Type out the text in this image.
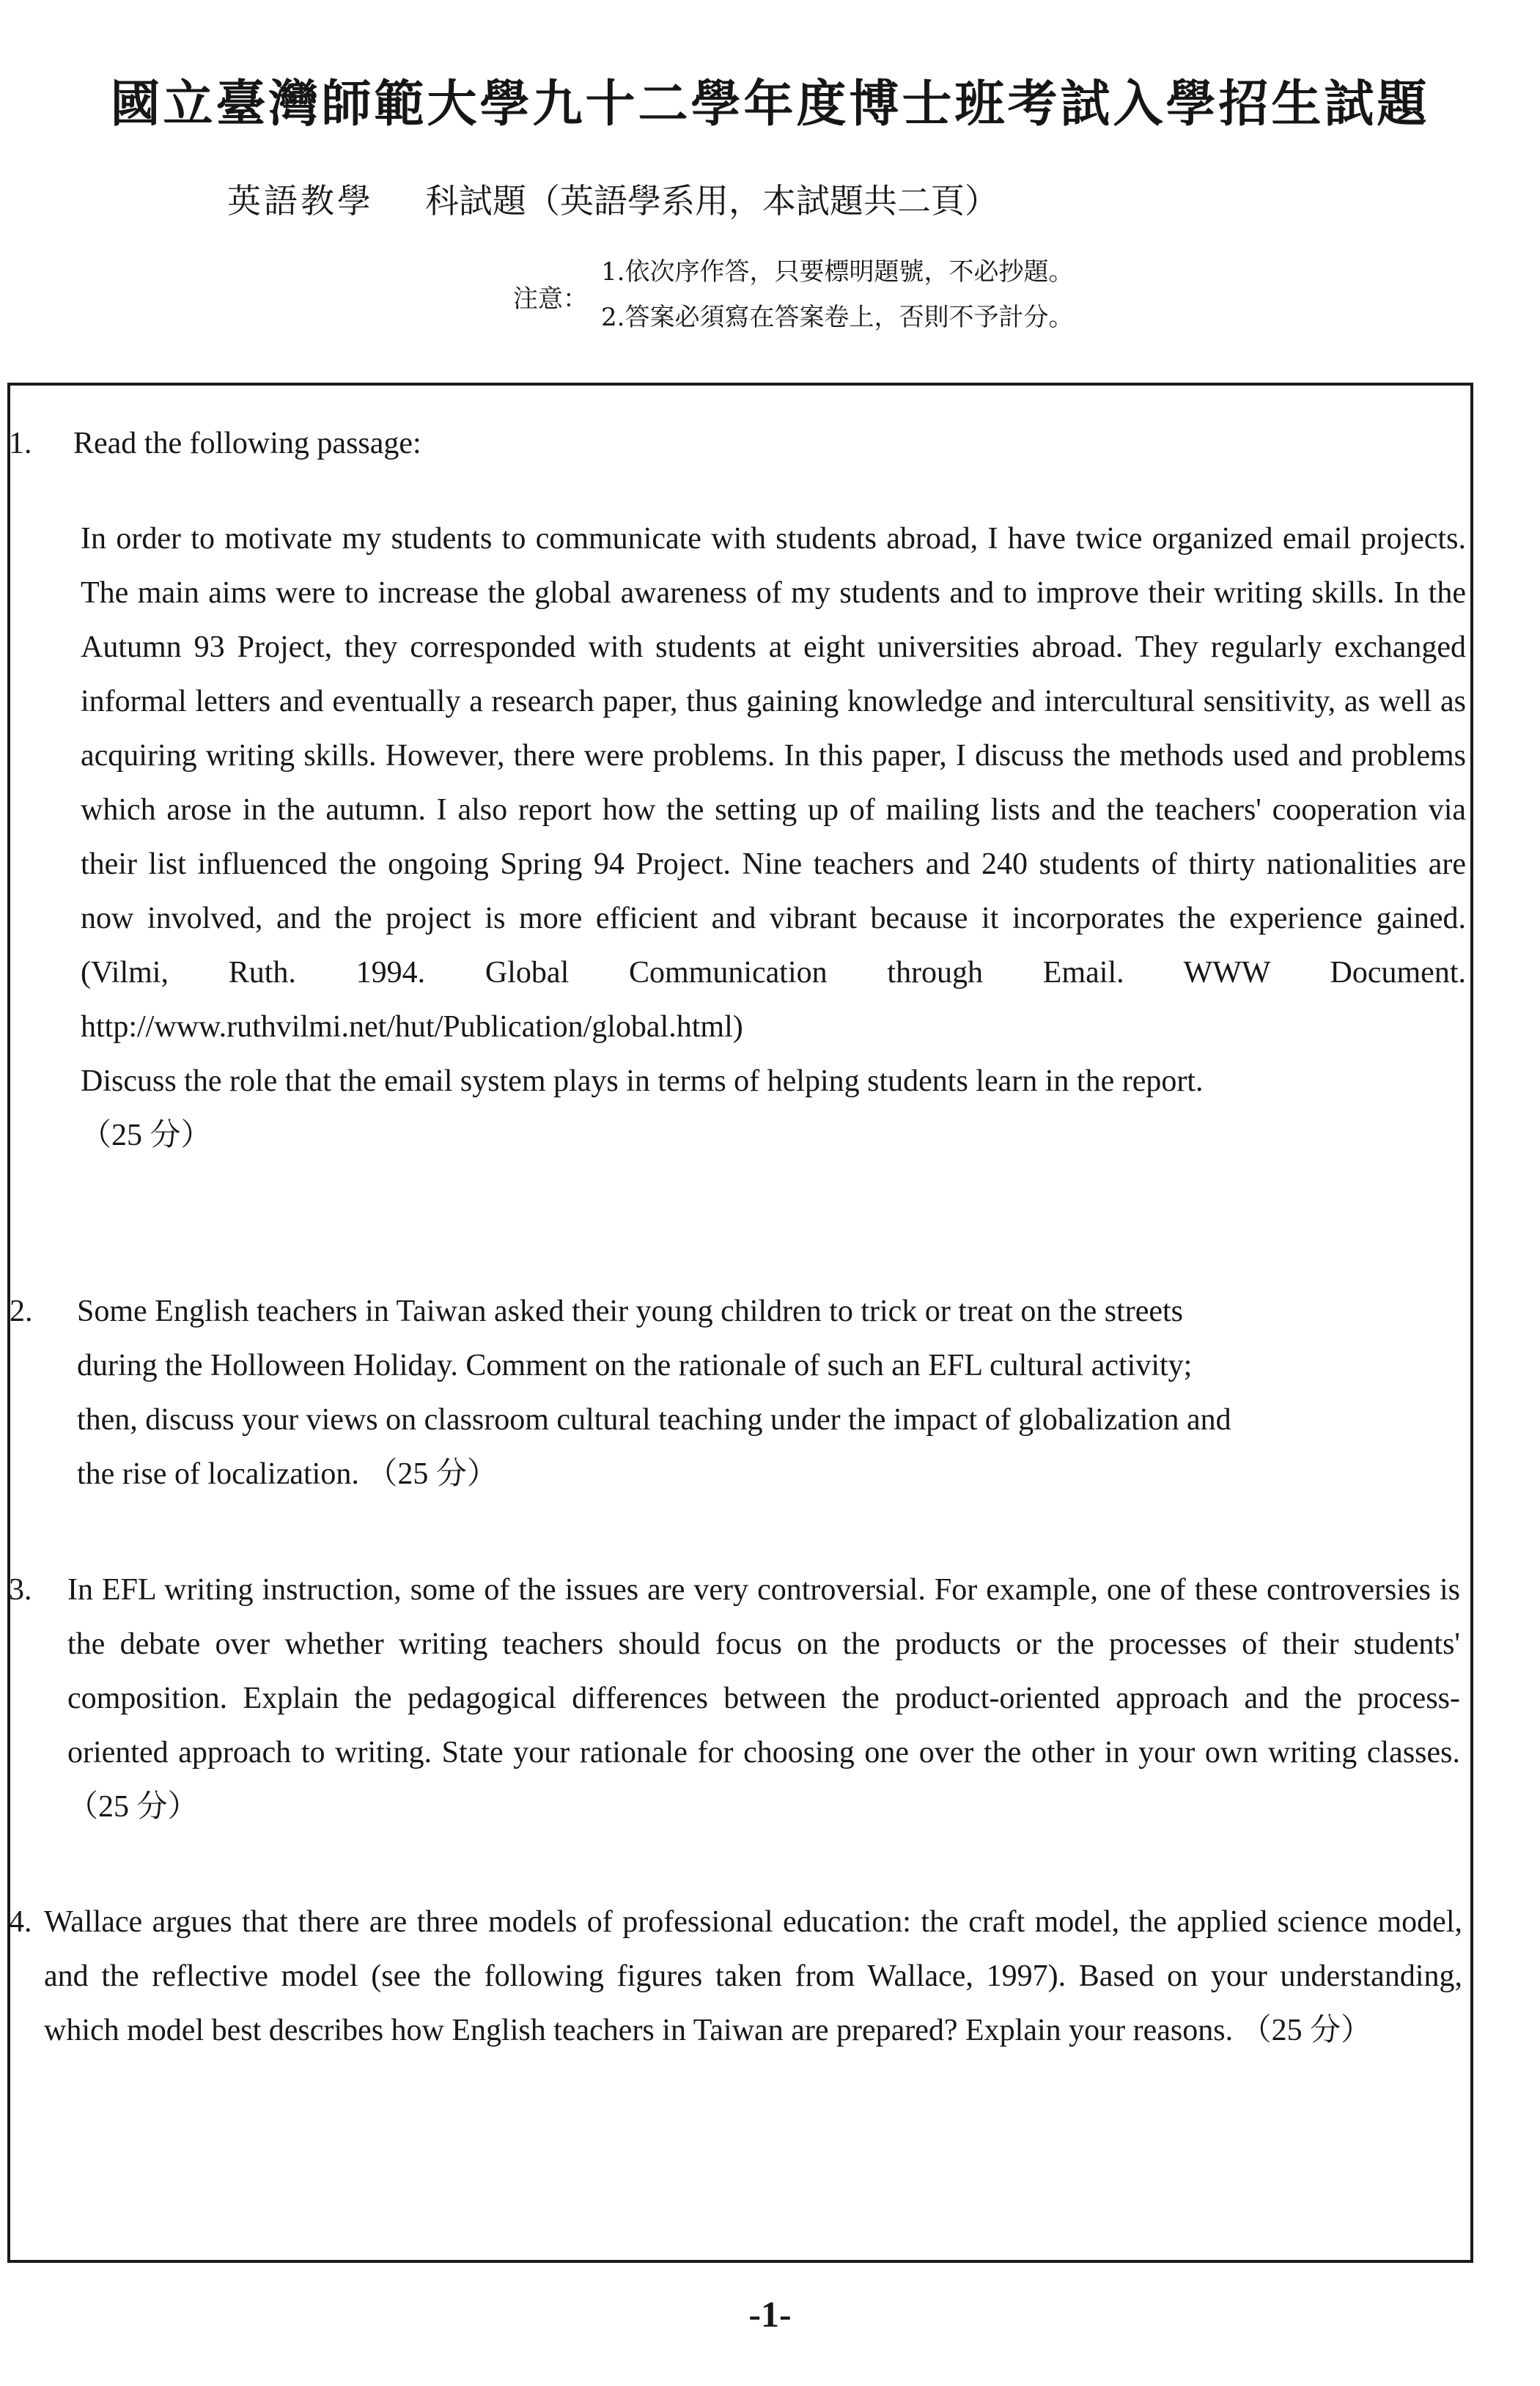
國立臺灣師範大學九十二學年度博士班考試入學招生試題
英語教學 科試題（英語學系用，本試題共二頁）
注意：
1.依次序作答，只要標明題號，不必抄題。
2.答案必須寫在答案卷上，否則不予計分。
1. Read the following passage:

In order to motivate my students to communicate with students abroad, I have twice organized email projects. The main aims were to increase the global awareness of my students and to improve their writing skills. In the Autumn 93 Project, they corresponded with students at eight universities abroad. They regularly exchanged informal letters and eventually a research paper, thus gaining knowledge and intercultural sensitivity, as well as acquiring writing skills. However, there were problems. In this paper, I discuss the methods used and problems which arose in the autumn. I also report how the setting up of mailing lists and the teachers' cooperation via their list influenced the ongoing Spring 94 Project. Nine teachers and 240 students of thirty nationalities are now involved, and the project is more efficient and vibrant because it incorporates the experience gained. (Vilmi, Ruth. 1994. Global Communication through Email. WWW Document. http://www.ruthvilmi.net/hut/Publication/global.html)

Discuss the role that the email system plays in terms of helping students learn in the report.

（25 分）

2. Some English teachers in Taiwan asked their young children to trick or treat on the streets during the Holloween Holiday. Comment on the rationale of such an EFL cultural activity; then, discuss your views on classroom cultural teaching under the impact of globalization and the rise of localization. （25 分）

3. In EFL writing instruction, some of the issues are very controversial. For example, one of these controversies is the debate over whether writing teachers should focus on the products or the processes of their students' composition. Explain the pedagogical differences between the product-oriented approach and the process-oriented approach to writing. State your rationale for choosing one over the other in your own writing classes. （25 分）

4. Wallace argues that there are three models of professional education: the craft model, the applied science model, and the reflective model (see the following figures taken from Wallace, 1997). Based on your understanding, which model best describes how English teachers in Taiwan are prepared? Explain your reasons. （25 分）

-1-
